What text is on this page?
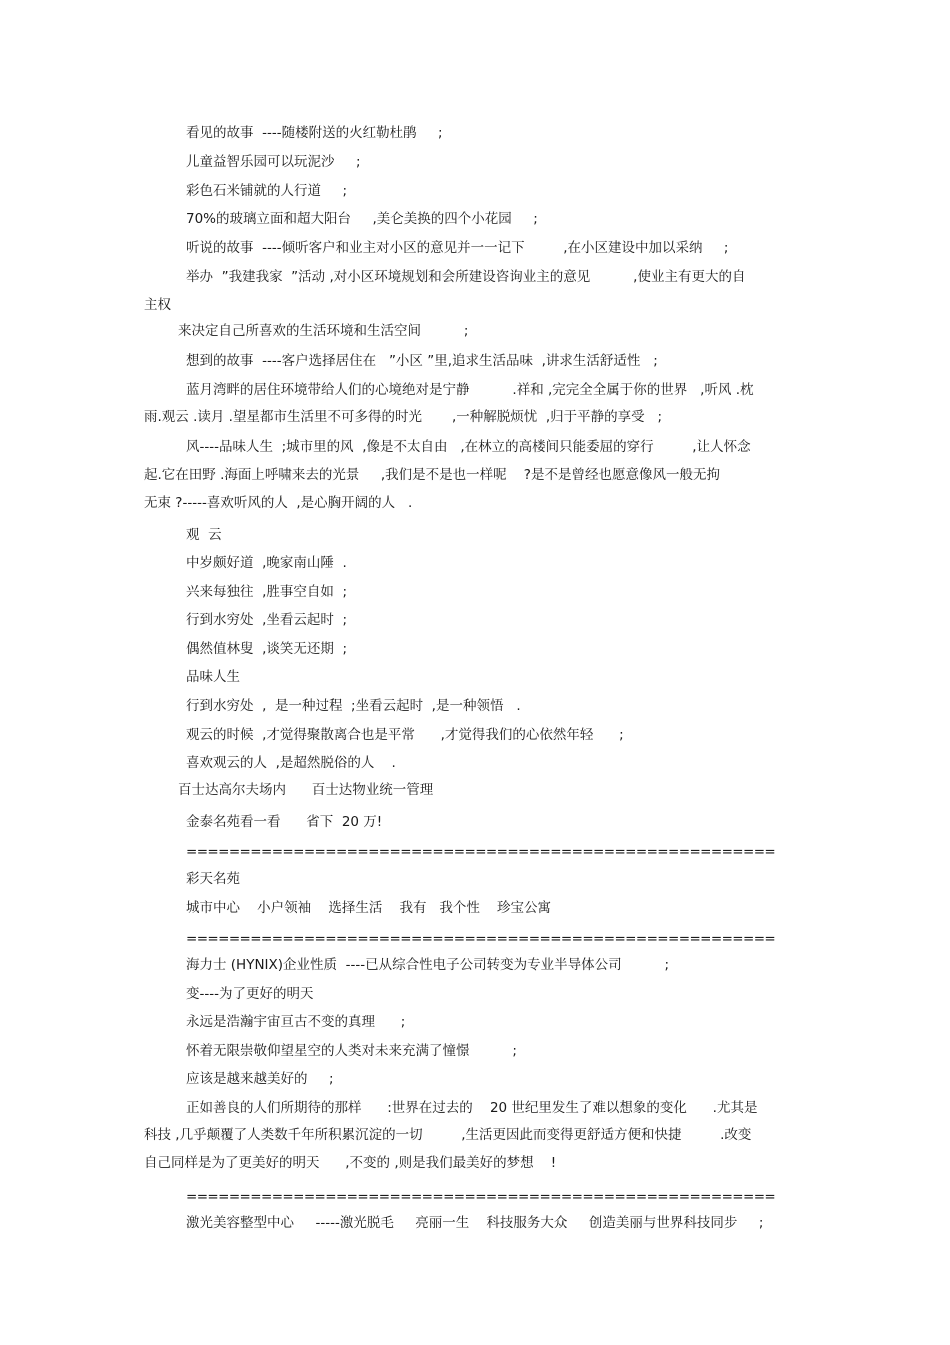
看见的故事  ----随楼附送的火红勒杜鹃     ;
儿童益智乐园可以玩泥沙     ;
彩色石米铺就的人行道     ;
70%的玻璃立面和超大阳台     ,美仑美换的四个小花园     ;
听说的故事  ----倾听客户和业主对小区的意见并一一记下         ,在小区建设中加以采纳     ;
举办  ”我建我家  ”活动 ,对小区环境规划和会所建设咨询业主的意见          ,使业主有更大的自
主权
来决定自己所喜欢的生活环境和生活空间          ;
想到的故事  ----客户选择居住在   ”小区 ”里,追求生活品味  ,讲求生活舒适性   ;
蓝月湾畔的居住环境带给人们的心境绝对是宁静          .祥和 ,完完全全属于你的世界   ,听风 .枕
雨.观云 .读月 .望星都市生活里不可多得的时光       ,一种解脱烦忧  ,归于平静的享受   ;
风----品味人生  ;城市里的风  ,像是不太自由   ,在林立的高楼间只能委屈的穿行         ,让人怀念
起.它在田野 .海面上呼啸来去的光景     ,我们是不是也一样呢    ?是不是曾经也愿意像风一般无拘
无束 ?-----喜欢听风的人  ,是心胸开阔的人   .
观  云
中岁颇好道  ,晚家南山陲  .
兴来每独往  ,胜事空自如  ;
行到水穷处  ,坐看云起时  ;
偶然值林叟  ,谈笑无还期  ;
品味人生
行到水穷处  ,  是一种过程  ;坐看云起时  ,是一种领悟   .
观云的时候  ,才觉得聚散离合也是平常      ,才觉得我们的心依然年轻      ;
喜欢观云的人  ,是超然脱俗的人    .
百士达高尔夫场内      百士达物业统一管理
金泰名苑看一看      省下  20 万!
=======================================================
彩天名苑
城市中心    小户领袖    选择生活    我有   我个性    珍宝公寓
=======================================================
海力士 (HYNIX)企业性质  ----已从综合性电子公司转变为专业半导体公司          ;
变----为了更好的明天
永远是浩瀚宇宙亘古不变的真理      ;
怀着无限崇敬仰望星空的人类对未来充满了憧憬          ;
应该是越来越美好的     ;
正如善良的人们所期待的那样      :世界在过去的    20 世纪里发生了难以想象的变化      .尤其是
科技 ,几乎颠覆了人类数千年所积累沉淀的一切         ,生活更因此而变得更舒适方便和快捷         .改变
自己同样是为了更美好的明天      ,不变的 ,则是我们最美好的梦想    !
=======================================================
激光美容整型中心     -----激光脱毛     亮丽一生    科技服务大众     创造美丽与世界科技同步     ;
